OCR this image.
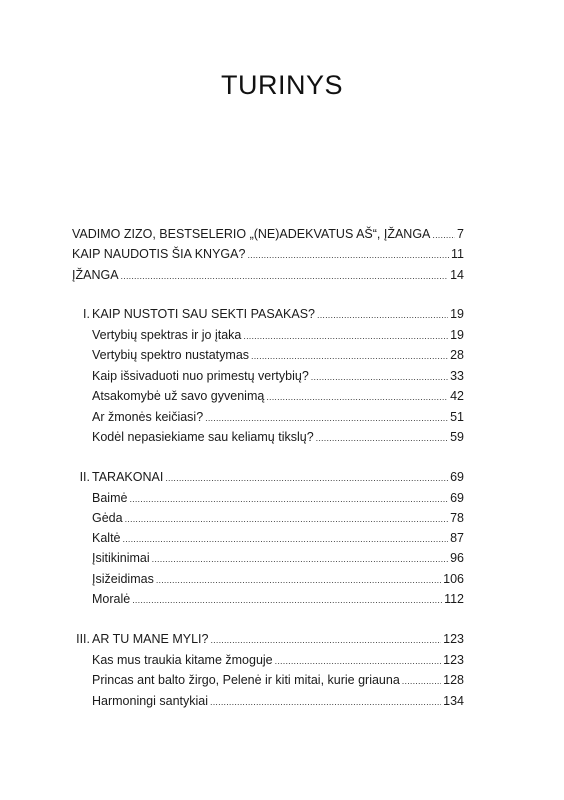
TURINYS
VADIMO ZIZO, BESTSELERIO „(NE)ADEKVATUS AŠ“, ĮŽANGA ..... 7
KAIP NAUDOTIS ŠIA KNYGA? .....	11
ĮŽANGA .....	14
I. KAIP NUSTOTI SAU SEKTI PASAKAS? .....	19
Vertybių spektras ir jo įtaka .....	19
Vertybių spektro nustatymas .....	28
Kaip išsivaduoti nuo primestų vertybių? .....	33
Atsakomybė už savo gyvenimą .....	42
Ar žmonės keičiasi? .....	51
Kodėl nepasiekiame sau keliamų tikslų? .....	59
II. TARAKONAI .....	69
Baimė .....	69
Gėda .....	78
Kaltė .....	87
Įsitikinimai .....	96
Įsižeidimas .....	106
Moralė .....	112
III. AR TU MANE MYLI? .....	123
Kas mus traukia kitame žmoguje .....	123
Princas ant balto žirgo, Pelenė ir kiti mitai, kurie griauna .....	128
Harmoningi santykiai .....	134
